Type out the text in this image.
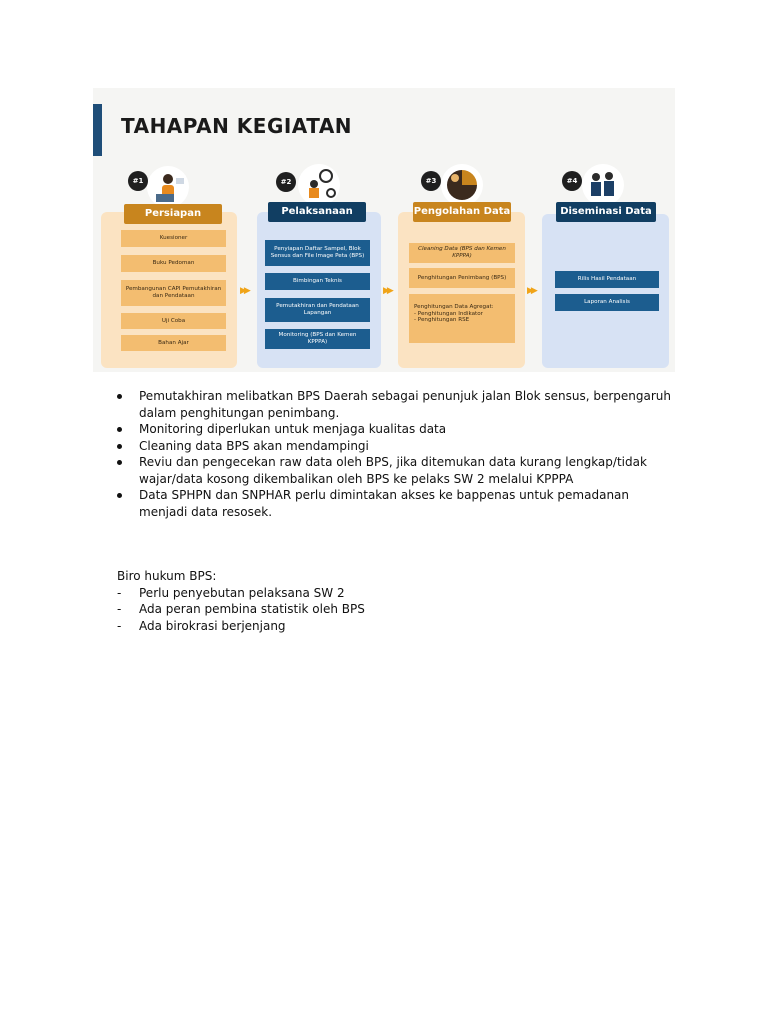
TAHAPAN KEGIATAN
#1
Persiapan
Kuesioner
Buku Pedoman
Pembangunan CAPI Pemutakhiran dan Pendataan
Uji Coba
Bahan Ajar
▶▶
#2
Pelaksanaan
Penyiapan Daftar Sampel, Blok Sensus dan File Image Peta (BPS)
Bimbingan Teknis
Pemutakhiran dan Pendataan Lapangan
Monitoring (BPS dan Kemen KPPPA)
▶▶
#3
Pengolahan Data
Cleaning Data (BPS dan Kemen KPPPA)
Penghitungan Penimbang (BPS)
Penghitungan Data Agregat:
- Penghitungan Indikator
- Penghitungan RSE
▶▶
#4
Diseminasi Data
Rilis Hasil Pendataan
Laporan Analisis
Pemutakhiran melibatkan BPS Daerah sebagai penunjuk jalan Blok sensus, berpengaruh dalam penghitungan penimbang.
Monitoring diperlukan untuk menjaga kualitas data
Cleaning data BPS akan mendampingi
Reviu dan pengecekan raw data oleh BPS, jika ditemukan data kurang lengkap/tidak wajar/data kosong dikembalikan oleh BPS ke pelaks SW 2 melalui KPPPA
Data SPHPN dan SNPHAR perlu dimintakan akses ke bappenas untuk pemadanan menjadi data resosek.
Biro hukum BPS:
- Perlu penyebutan pelaksana SW 2
- Ada peran pembina statistik oleh BPS
- Ada birokrasi berjenjang
